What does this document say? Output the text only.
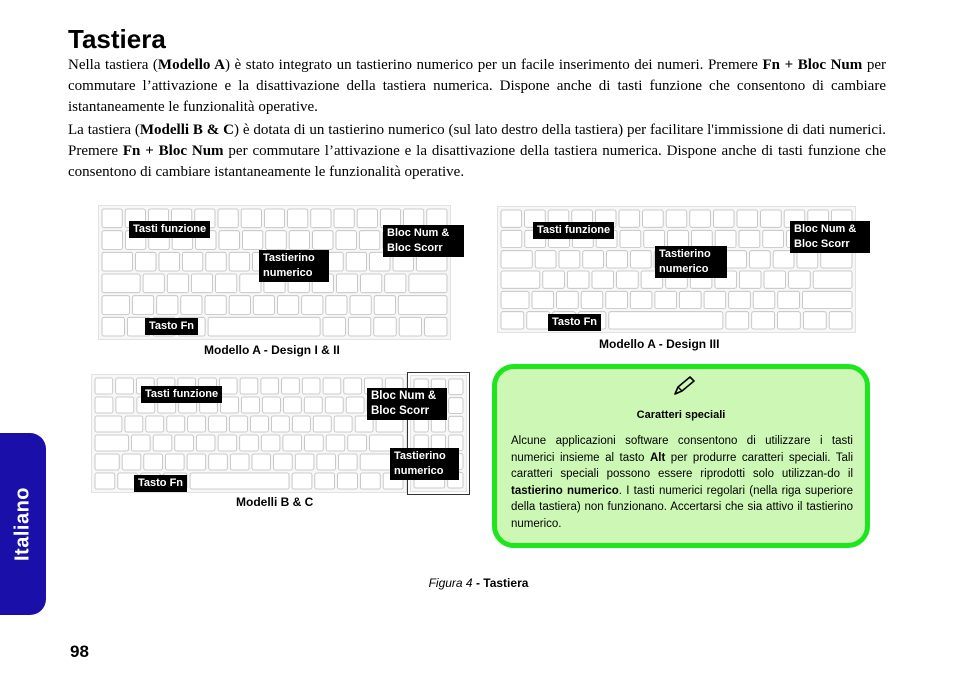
Tastiera

Nella tastiera (Modello A) è stato integrato un tastierino numerico per un facile inserimento dei numeri. Premere Fn + Bloc Num per commutare l’attivazione e la disattivazione della tastiera numerica. Dispone anche di tasti funzione che consentono di cambiare istantaneamente le funzionalità operative.

La tastiera (Modelli B & C) è dotata di un tastierino numerico (sul lato destro della tastiera) per facilitare l'immissione di dati numerici. Premere Fn + Bloc Num per commutare l’attivazione e la disattivazione della tastiera numerica. Dispone anche di tasti funzione che consentono di cambiare istantaneamente le funzionalità operative.

Tasti funzione
Tastierino numerico
Bloc Num & Bloc Scorr
Tasto Fn
Modello A - Design I & II
Tasti funzione
Tastierino numerico
Bloc Num & Bloc Scorr
Tasto Fn
Modello A - Design III
Tasti funzione	Bloc Num & Bloc Scorr
Tastierino numerico
Tasto Fn
Modelli B & C
Caratteri speciali
Alcune applicazioni software consentono di utilizzare i tasti numerici insieme al tasto Alt per produrre caratteri speciali. Tali caratteri speciali possono essere riprodotti solo utilizzan-do il tastierino numerico. I tasti numerici regolari (nella riga superiore della tastiera) non funzionano. Accertarsi che sia attivo il tastierino numerico.
Figura 4 - Tastiera
Italiano
98
